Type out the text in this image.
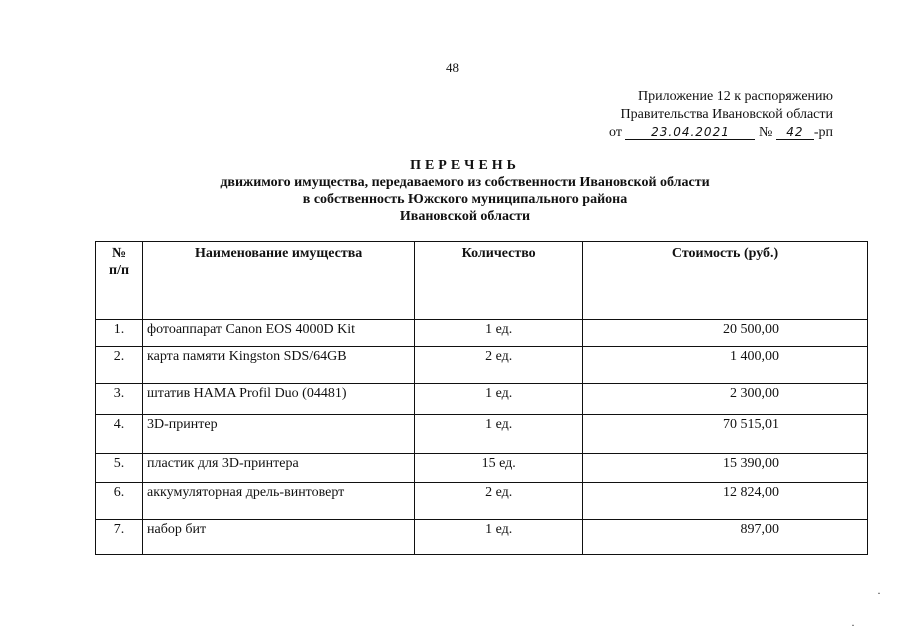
48
Приложение 12 к распоряжению
Правительства Ивановской области
от 23.04.2021 № 42 -рп
ПЕРЕЧЕНЬ
движимого имущества, передаваемого из собственности Ивановской области
в собственность Южского муниципального района
Ивановской области
№
п/п	Наименование имущества	Количество	Стоимость (руб.)
1.	фотоаппарат Canon EOS 4000D Kit	1 ед.	20 500,00
2.	карта памяти Kingston SDS/64GB	2 ед.	1 400,00
3.	штатив HAMA Profil Duo (04481)	1 ед.	2 300,00
4.	3D-принтер	1 ед.	70 515,01
5.	пластик для 3D-принтера	15 ед.	15 390,00
6.	аккумуляторная дрель-винтоверт	2 ед.	12 824,00
7.	набор бит	1 ед.	897,00
·
·
